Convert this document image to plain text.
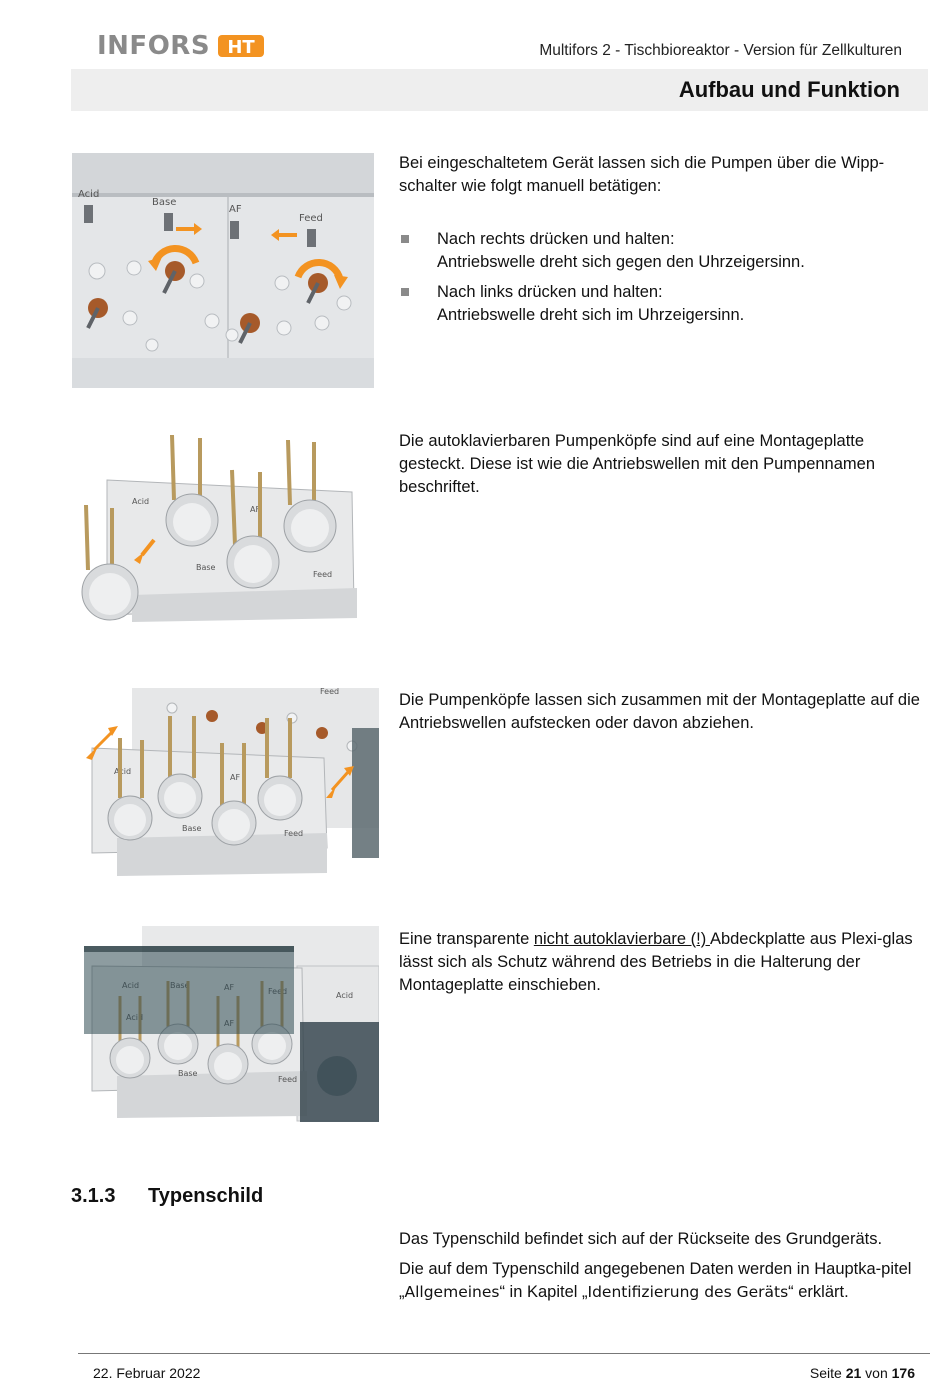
INFORS HT	Multifors 2 - Tischbioreaktor - Version für Zellkulturen
Aufbau und Funktion
Acid
Base
AF
Feed

Bei eingeschaltetem Gerät lassen sich die Pumpen über die Wipp-schalter wie folgt manuell betätigen:

Nach rechts drücken und halten:
Antriebswelle dreht sich gegen den Uhrzeigersinn.
Nach links drücken und halten:
Antriebswelle dreht sich im Uhrzeigersinn.
Acid
AF
Base
Feed
Die autoklavierbaren Pumpenköpfe sind auf eine Montageplatte gesteckt. Diese ist wie die Antriebswellen mit den Pumpennamen beschriftet.
Feed
Acid
AF
Base
Feed
Die Pumpenköpfe lassen sich zusammen mit der Montageplatte auf die Antriebswellen aufstecken oder davon abziehen.
Acid
Base
Feed
Eine transparente nicht autoklavierbare (!) Abdeckplatte aus Plexi-glas lässt sich als Schutz während des Betriebs in die Halterung der Montageplatte einschieben.
3.1.3 Typenschild

Das Typenschild befindet sich auf der Rückseite des Grundgeräts.

Die auf dem Typenschild angegebenen Daten werden in Hauptka-pitel „Allgemeines“ in Kapitel „Identifizierung des Geräts“ erklärt.

22. Februar 2022	Seite 21 von 176
